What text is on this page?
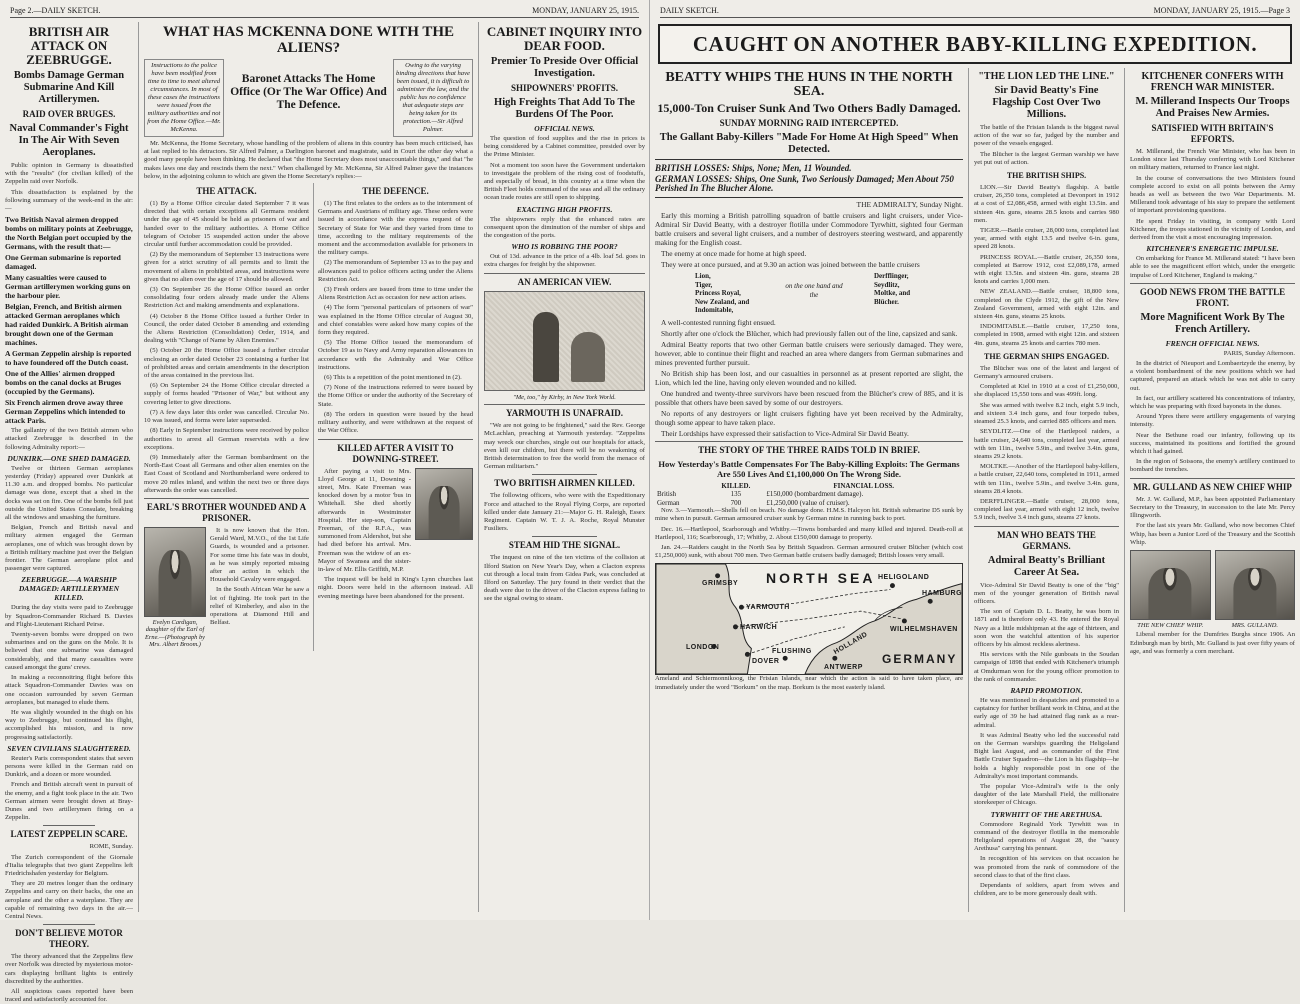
Page 2.—DAILY SKETCH.	MONDAY, JANUARY 25, 1915.
BRITISH AIR ATTACK ON ZEEBRUGGE.
Bombs Damage German Submarine And Kill Artillerymen.
RAID OVER BRUGES.
Naval Commander's Fight In The Air With Seven Aeroplanes.

Public opinion in Germany is dissatisfied with the "results" (for civilian killed) of the Zeppelin raid over Norfolk.

This dissatisfaction is explained by the following summary of the week-end in the air:—

Two British Naval airmen dropped bombs on military points at Zeebrugge, the North Belgian port occupied by the Germans, with the result that:—

One German submarine is reported damaged.

Many casualties were caused to German artillerymen working guns on the harbour pier.

Belgian, French, and British airmen attacked German aeroplanes which had raided Dunkirk. A British airman brought down one of the German machines.

A German Zeppelin airship is reported to have foundered off the Dutch coast.

One of the Allies' airmen dropped bombs on the canal docks at Bruges (occupied by the Germans).

Six French airmen drove away three German Zeppelins which intended to attack Paris.

The gallantry of the two British airmen who attacked Zeebrugge is described in the following Admiralty report:—

DUNKIRK.—ONE SHED DAMAGED.

Twelve or thirteen German aeroplanes yesterday (Friday) appeared over Dunkirk at 11.30 a.m. and dropped bombs. No particular damage was done, except that a shed in the docks was set on fire. One of the bombs fell just outside the United States Consulate, breaking all the windows and smashing the furniture.

Belgian, French and British naval and military airmen engaged the German aeroplanes, one of which was brought down by a British military machine just over the Belgian frontier. The German aeroplane pilot and passenger were captured.

ZEEBRUGGE.—A WARSHIP DAMAGED: ARTILLERYMEN KILLED.

During the day visits were paid to Zeebrugge by Squadron-Commander Richard B. Davies and Flight-Lieutenant Richard Peirse.

Twenty-seven bombs were dropped on two submarines and on the guns on the Mole. It is believed that one submarine was damaged considerably, and that many casualties were caused amongst the guns' crews.

In making a reconnoitring flight before this attack Squadron-Commander Davies was on one occasion surrounded by seven German aeroplanes, but managed to elude them.

He was slightly wounded in the thigh on his way to Zeebrugge, but continued his flight, accomplished his mission, and is now progressing satisfactorily.

SEVEN CIVILIANS SLAUGHTERED.

Reuter's Paris correspondent states that seven persons were killed in the German raid on Dunkirk, and a dozen or more wounded.

French and British aircraft went in pursuit of the enemy, and a fight took place in the air. Two German airmen were brought down at Bray-Dunes and two artillerymen firing on a Zeppelin.

LATEST ZEPPELIN SCARE.

ROME, Sunday.

The Zurich correspondent of the Giornale d'Italia telegraphs that two giant Zeppelins left Friedrichshafen yesterday for Belgium.

They are 20 metres longer than the ordinary Zeppelins and carry on their backs, the one an aeroplane and the other a waterplane. They are capable of remaining two days in the air.—Central News.

DON'T BELIEVE MOTOR THEORY.

The theory advanced that the Zeppelins flew over Norfolk was directed by mysterious motor-cars displaying brilliant lights is entirely discredited by the authorities.

All suspicious cases reported have been traced and satisfactorily accounted for.

WHAT HAS MCKENNA DONE WITH THE ALIENS?

Instructions to the police have been modified from time to time to meet altered circumstances. In most of these cases the instructions were issued from the military authorities and not from the Home Office.—Mr. McKenna.

Baronet Attacks The Home Office (Or The War Office) And The Defence.

Owing to the varying binding directions that have been issued, it is difficult to administer the law, and the public has no confidence that adequate steps are being taken for its protection.—Sir Alfred Palmer.

Mr. McKenna, the Home Secretary, whose handling of the problem of aliens in this country has been much criticised, has at last replied to his detractors. Sir Alfred Palmer, a Darlington baronet and magistrate, said in Court the other day what a good many people have been thinking. He declared that "the Home Secretary does most unaccountable things," and that "he makes laws one day and rescinds them the next." When challenged by Mr. McKenna, Sir Alfred Palmer gave the instances below, in the adjoining column to which are given the Home Secretary's replies:—

THE ATTACK.

(1) By a Home Office circular dated September 7 it was directed that with certain exceptions all Germans resident under the age of 45 should be held as prisoners of war and handed over to the military authorities. A Home Office telegram of October 15 suspended action under the above circular until further accommodation could be provided.

(2) By the memorandum of September 13 instructions were given for a strict scrutiny of all permits and to limit the movement of aliens in prohibited areas, and instructions were given that no alien over the age of 17 should be allowed.

(3) On September 26 the Home Office issued an order consolidating four orders already made under the Aliens Restriction Act and making amendments and explanations.

(4) October 8 the Home Office issued a further Order in Council, the order dated October 8 amending and extending the Aliens Restriction (Consolidation) Order, 1914, and dealing with "Change of Name by Alien Enemies."

(5) October 20 the Home Office issued a further circular enclosing an order dated October 23 containing a further list of prohibited areas and certain amendments in the description of the areas contained in the previous list.

(6) On September 24 the Home Office circular directed a supply of forms headed "Prisoner of War," but without any covering letter to give directions.

(7) A few days later this order was cancelled. Circular No. 10 was issued, and forms were later superseded.

(8) Early in September instructions were received by police authorities to arrest all German reservists with a few exceptions.

(9) Immediately after the German bombardment on the North-East Coast all Germans and other alien enemies on the East Coast of Scotland and Northumberland were ordered to move 20 miles inland, and within the next two or three days afterwards the order was cancelled.

EARL'S BROTHER WOUNDED AND A PRISONER.

Evelyn Cardigan, daughter of the Earl of Erne.—(Photograph by Mrs. Albert Broom.)

It is now known that the Hon. Gerald Ward, M.V.O., of the 1st Life Guards, is wounded and a prisoner. For some time his fate was in doubt, as he was simply reported missing after an action in which the Household Cavalry were engaged.

In the South African War he saw a lot of fighting. He took part in the relief of Kimberley, and also in the operations at Diamond Hill and Belfast.

THE DEFENCE.

(1) The first relates to the orders as to the internment of Germans and Austrians of military age. These orders were issued in accordance with the express request of the Secretary of State for War and they varied from time to time, according to the military requirements of the moment and the accommodation available for prisoners in the military camps.

(2) The memorandum of September 13 as to the pay and allowances paid to police officers acting under the Aliens Restriction Act.

(3) Fresh orders are issued from time to time under the Aliens Restriction Act as occasion for new action arises.

(4) The form "personal particulars of prisoners of war" was explained in the Home Office circular of August 30, and chief constables were asked how many copies of the form they required.

(5) The Home Office issued the memorandum of October 19 as to Navy and Army reparation allowances in accordance with the Admiralty and War Office instructions.

(6) This is a repetition of the point mentioned in (2).

(7) None of the instructions referred to were issued by the Home Office or under the authority of the Secretary of State.

(8) The orders in question were issued by the head military authority, and were withdrawn at the request of the War Office.

KILLED AFTER A VISIT TO DOWNING-STREET.

After paying a visit to Mrs. Lloyd George at 11, Downing - street, Mrs. Kate Freeman was knocked down by a motor 'bus in Whitehall. She died shortly afterwards in Westminster Hospital. Her step-son, Captain Freeman, of the R.F.A., was summoned from Aldershot, but she had died before his arrival. Mrs. Freeman was the widow of an ex-Mayor of Swansea and the sister-in-law of Mr. Ellis Griffith, M.P.

The inquest will be held in King's Lynn churches last night. Doors were held in the afternoon instead. All evening meetings have been abandoned for the present.

CABINET INQUIRY INTO DEAR FOOD.
Premier To Preside Over Official Investigation.
SHIPOWNERS' PROFITS.
High Freights That Add To The Burdens Of The Poor.
OFFICIAL NEWS.

The question of food supplies and the rise in prices is being considered by a Cabinet committee, presided over by the Prime Minister.

Not a moment too soon have the Government undertaken to investigate the problem of the rising cost of foodstuffs, and especially of bread, in this country at a time when the British Fleet holds command of the seas and all the ordinary ocean trade routes are still open to shipping.

EXACTING HIGH PROFITS.

The shipowners reply that the enhanced rates are consequent upon the diminution of the number of ships and the congestion of the ports.

WHO IS ROBBING THE POOR?

Out of 13d. advance in the price of a 4lb. loaf 5d. goes in extra charges for freight by the shipowner.

AN AMERICAN VIEW.

"Me, too," by Kirby, in New York World.

YARMOUTH IS UNAFRAID.

"We are not going to be frightened," said the Rev. George McLachlan, preaching at Yarmouth yesterday. "Zeppelins may wreck our churches, single out our hospitals for attack, even kill our children, but there will be no weakening of British determination to free the world from the menace of German militarism."

TWO BRITISH AIRMEN KILLED.

The following officers, who were with the Expeditionary Force and attached to the Royal Flying Corps, are reported killed under date January 21:—Major G. H. Raleigh, Essex Regiment. Captain W. T. J. A. Roche, Royal Munster Fusiliers.

STEAM HID THE SIGNAL.

The inquest on nine of the ten victims of the collision at Ilford Station on New Year's Day, when a Clacton express cut through a local train from Gidea Park, was concluded at Ilford on Saturday. The jury found in their verdict that the death were due to the driver of the Clacton express failing to see the signal owing to steam.

DAILY SKETCH.	MONDAY, JANUARY 25, 1915.—Page 3
CAUGHT ON ANOTHER BABY-KILLING EXPEDITION.
BEATTY WHIPS THE HUNS IN THE NORTH SEA.
15,000-Ton Cruiser Sunk And Two Others Badly Damaged.
SUNDAY MORNING RAID INTERCEPTED.
The Gallant Baby-Killers "Made For Home At High Speed" When Detected.

BRITISH LOSSES: Ships, None; Men, 11 Wounded.

GERMAN LOSSES: Ships, One Sunk, Two Seriously Damaged; Men About 750 Perished In The Blucher Alone.

THE ADMIRALTY, Sunday Night.

Early this morning a British patrolling squadron of battle cruisers and light cruisers, under Vice-Admiral Sir David Beatty, with a destroyer flotilla under Commodore Tyrwhitt, sighted four German battle cruisers and several light cruisers, and a number of destroyers steering westward, and apparently making for the English coast.

The enemy at once made for home at high speed.

They were at once pursued, and at 9.30 an action was joined between the battle cruisers

Lion,
Tiger,
Princess Royal,
New Zealand, and
Indomitable,
on the one hand and the
Derfflinger,
Seydlitz,
Moltke, and
Blücher.

A well-contested running fight ensued.

Shortly after one o'clock the Blücher, which had previously fallen out of the line, capsized and sank.

Admiral Beatty reports that two other German battle cruisers were seriously damaged. They were, however, able to continue their flight and reached an area where dangers from German submarines and mines prevented further pursuit.

No British ship has been lost, and our casualties in personnel as at present reported are slight, the Lion, which led the line, having only eleven wounded and no killed.

One hundred and twenty-three survivors have been rescued from the Blücher's crew of 885, and it is possible that others have been saved by some of our destroyers.

No reports of any destroyers or light cruisers fighting have yet been received by the Admiralty, though some appear to have taken place.

Their Lordships have expressed their satisfaction to Vice-Admiral Sir David Beatty.

THE STORY OF THE THREE RAIDS TOLD IN BRIEF.
How Yesterday's Battle Compensates For The Baby-Killing Exploits: The Germans Are 550 Lives And £1,100,000 On The Wrong Side.
	KILLED.	FINANCIAL LOSS.
British	135	£150,000 (bombardment damage).
German	700	£1,250,000 (value of cruiser).

Nov. 3.—Yarmouth.—Shells fell on beach. No damage done. H.M.S. Halcyon hit. British submarine D5 sunk by mine when in pursuit. German armoured cruiser sunk by German mine in running back to port.

Dec. 16.—Hartlepool, Scarborough and Whitby.—Towns bombarded and many killed and injured. Death-roll at Hartlepool, 116; Scarborough, 17; Whitby, 2. About £150,000 damage to property.

Jan. 24.—Raiders caught in the North Sea by British Squadron. German armoured cruiser Blücher (which cost £1,250,000) sunk, with about 700 men. Two German battle cruisers badly damaged; British losses very small.

NORTH SEA HELIGOLAND
GRIMSBY
YARMOUTH
HARWICH
LONDON
DOVER
FLUSHING
ANTWERP
HAMBURG
WILHELMSHAVEN
HOLLAND
GERMANY

Ameland and Schiermonnikoog, the Frisian Islands, near which the action is said to have taken place, are immediately under the word "Borkum" on the map. Borkum is the most easterly island.

"THE LION LED THE LINE."
Sir David Beatty's Fine Flagship Cost Over Two Millions.

The battle of the Frisian Islands is the biggest naval action of the war so far, judged by the number and power of the vessels engaged.

The Blücher is the largest German warship we have yet put out of action.

THE BRITISH SHIPS.

LION.—Sir David Beatty's flagship. A battle cruiser, 26,350 tons, completed at Devonport in 1912 at a cost of £2,086,458, armed with eight 13.5in. and sixteen 4in. guns, steams 28.5 knots and carries 980 men.

TIGER.—Battle cruiser, 28,000 tons, completed last year, armed with eight 13.5 and twelve 6-in. guns, speed 28 knots.

PRINCESS ROYAL.—Battle cruiser, 26,350 tons, completed at Barrow 1912, cost £2,089,178, armed with eight 13.5in. and sixteen 4in. guns, steams 28 knots and carries 1,000 men.

NEW ZEALAND.—Battle cruiser, 18,800 tons, completed on the Clyde 1912, the gift of the New Zealand Government, armed with eight 12in. and sixteen 4in. guns, steams 25 knots.

INDOMITABLE.—Battle cruiser, 17,250 tons, completed in 1908, armed with eight 12in. and sixteen 4in. guns, steams 25 knots and carries 780 men.

THE GERMAN SHIPS ENGAGED.

The Blücher was one of the latest and largest of Germany's armoured cruisers.

Completed at Kiel in 1910 at a cost of £1,250,000, she displaced 15,550 tons and was 499ft. long.

She was armed with twelve 8.2 inch, eight 5.9 inch, and sixteen 3.4 inch guns, and four torpedo tubes, steamed 25.3 knots, and carried 885 officers and men.

SEYDLITZ.—One of the Hartlepool raiders, a battle cruiser, 24,640 tons, completed last year, armed with ten 11in., twelve 5.9in., and twelve 3.4in. guns, steams 29.2 knots.

MOLTKE.—Another of the Hartlepool baby-killers, a battle cruiser, 22,640 tons, completed in 1911, armed with ten 11in., twelve 5.9in., and twelve 3.4in. guns, steams 28.4 knots.

DERFFLINGER.—Battle cruiser, 28,000 tons, completed last year, armed with eight 12 inch, twelve 5.9 inch, twelve 3.4 inch guns, steams 27 knots.

MAN WHO BEATS THE GERMANS.
Admiral Beatty's Brilliant Career At Sea.

Vice-Admiral Sir David Beatty is one of the "big" men of the younger generation of British naval officers.

The son of Captain D. L. Beatty, he was born in 1871 and is therefore only 43. He entered the Royal Navy as a little midshipman at the age of thirteen, and soon won the watchful attention of his superior officers by his almost reckless alertness.

His services with the Nile gunboats in the Soudan campaign of 1898 that ended with Kitchener's triumph at Omdurman won for the young officer promotion to the rank of commander.

RAPID PROMOTION.

He was mentioned in despatches and promoted to a captaincy for further brilliant work in China, and at the early age of 39 he had attained flag rank as a rear-admiral.

It was Admiral Beatty who led the successful raid on the German warships guarding the Heligoland Bight last August, and as commander of the First Battle Cruiser Squadron—the Lion is his flagship—he holds a highly responsible post in one of the Admiralty's most important commands.

The popular Vice-Admiral's wife is the only daughter of the late Marshall Field, the millionaire storekeeper of Chicago.

TYRWHITT OF THE ARETHUSA.

Commodore Reginald York Tyrwhitt was in command of the destroyer flotilla in the memorable Heligoland operations of August 28, the "saucy Arethusa" carrying his pennant.

In recognition of his services on that occasion he was promoted from the rank of commodore of the second class to that of the first class.

Dependants of soldiers, apart from wives and children, are to be more generously dealt with.

KITCHENER CONFERS WITH FRENCH WAR MINISTER.
M. Millerand Inspects Our Troops And Praises New Armies.
SATISFIED WITH BRITAIN'S EFFORTS.

M. Millerand, the French War Minister, who has been in London since last Thursday conferring with Lord Kitchener on military matters, returned to France last night.

In the course of conversations the two Ministers found complete accord to exist on all points between the Army heads as well as between the two War Departments. M. Millerand took advantage of his stay to prepare the settlement of important provisioning questions.

He spent Friday in visiting, in company with Lord Kitchener, the troops stationed in the vicinity of London, and derived from the visit a most encouraging impression.

KITCHENER'S ENERGETIC IMPULSE.

On embarking for France M. Millerand stated: "I have been able to see the magnificent effort which, under the energetic impulse of Lord Kitchener, England is making."

GOOD NEWS FROM THE BATTLE FRONT.
More Magnificent Work By The French Artillery.
FRENCH OFFICIAL NEWS.

PARIS, Sunday Afternoon.

In the district of Nieuport and Lombaertzyde the enemy, by a violent bombardment of the new positions which we had captured, prepared an attack which he was not able to carry out.

In fact, our artillery scattered his concentrations of infantry, which he was preparing with fixed bayonets in the dunes.

Around Ypres there were artillery engagements of varying intensity.

Near the Bethune road our infantry, following up its success, maintained its positions and fortified the ground which it had gained.

In the region of Soissons, the enemy's artillery continued to bombard the trenches.

MR. GULLAND AS NEW CHIEF WHIP

Mr. J. W. Gulland, M.P., has been appointed Parliamentary Secretary to the Treasury, in succession to the late Mr. Percy Illingworth.

For the last six years Mr. Gulland, who now becomes Chief Whip, has been a Junior Lord of the Treasury and the Scottish Whip.

THE NEW CHIEF WHIP.	MRS. GULLAND.

Liberal member for the Dumfries Burghs since 1906. An Edinburgh man by birth, Mr. Gulland is just over fifty years of age, and was formerly a corn merchant.
